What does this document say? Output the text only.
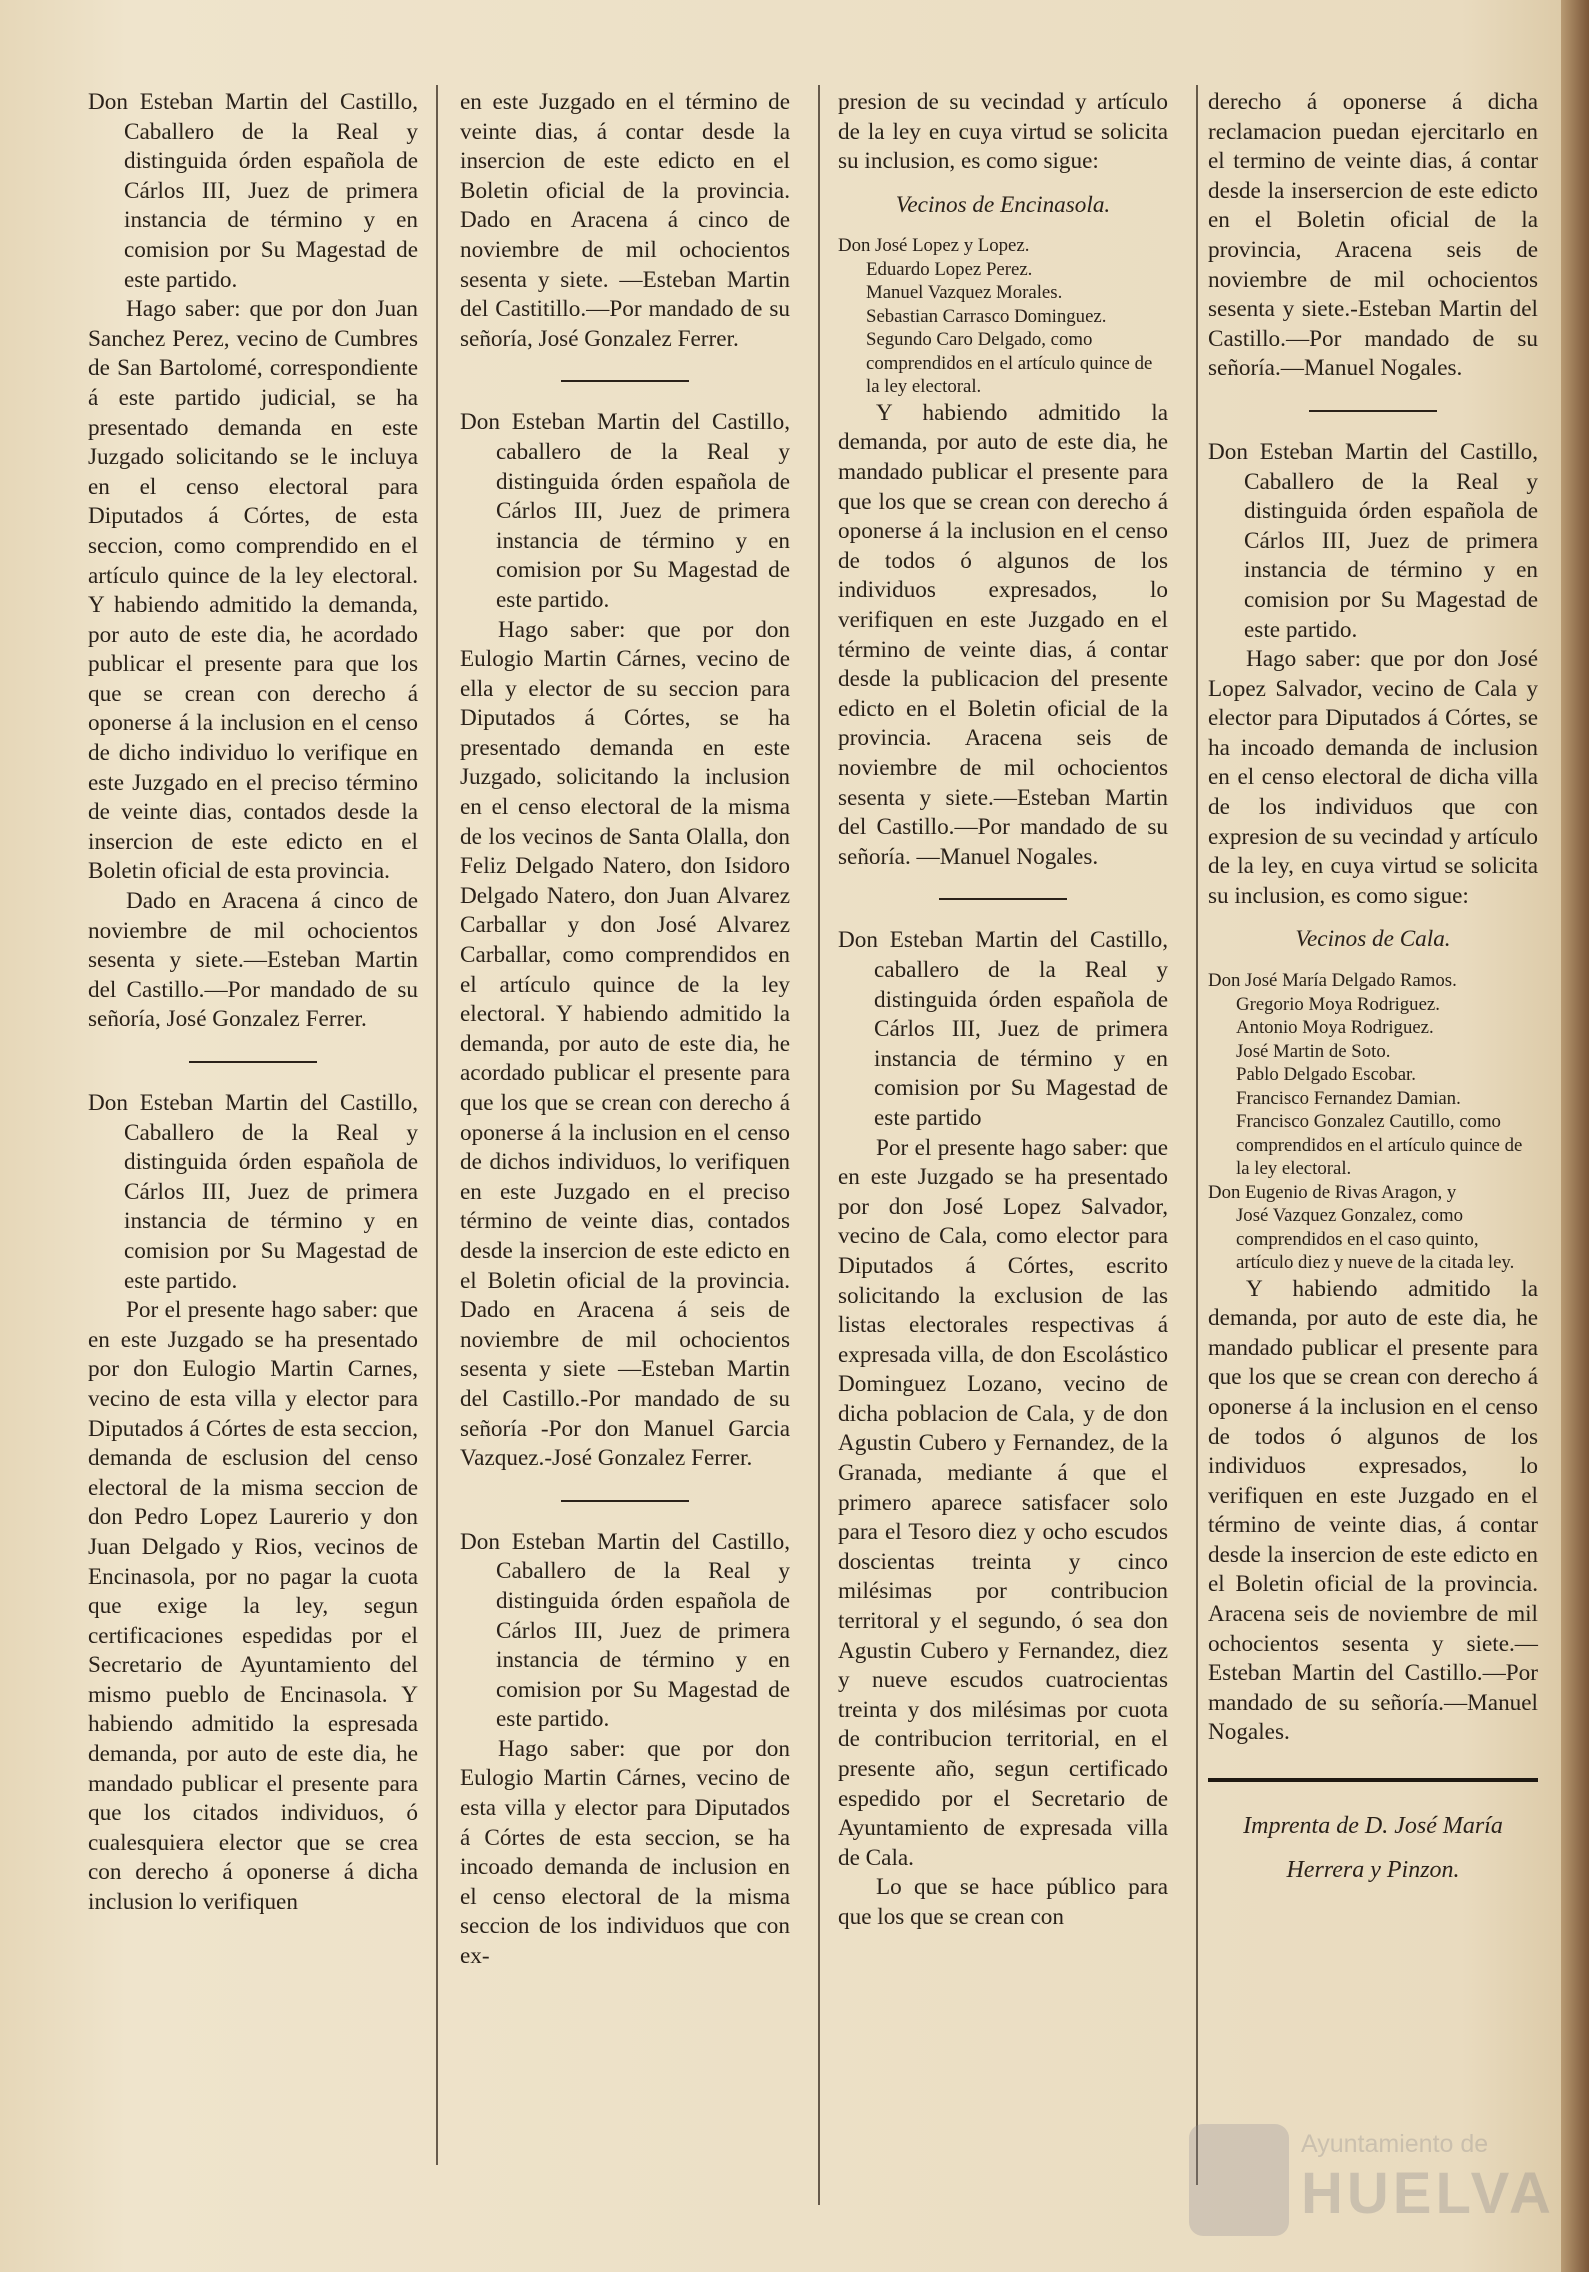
Don Esteban Martin del Castillo, Caballero de la Real y distinguida órden española de Cárlos III, Juez de primera instancia de término y en comision por Su Magestad de este partido.

Hago saber: que por don Juan Sanchez Perez, vecino de Cumbres de San Bartolomé, correspondiente á este partido judicial, se ha presentado demanda en este Juzgado solicitando se le incluya en el censo electoral para Diputados á Córtes, de esta seccion, como comprendido en el artículo quince de la ley electoral. Y habiendo admitido la demanda, por auto de este dia, he acordado publicar el presente para que los que se crean con derecho á oponerse á la inclusion en el censo de dicho individuo lo verifique en este Juzgado en el preciso término de veinte dias, contados desde la insercion de este edicto en el Boletin oficial de esta provincia.

Dado en Aracena á cinco de noviembre de mil ochocientos sesenta y siete.—Esteban Martin del Castillo.—Por mandado de su señoría, José Gonzalez Ferrer.

Don Esteban Martin del Castillo, Caballero de la Real y distinguida órden española de Cárlos III, Juez de primera instancia de término y en comision por Su Magestad de este partido.

Por el presente hago saber: que en este Juzgado se ha presentado por don Eulogio Martin Carnes, vecino de esta villa y elector para Diputados á Córtes de esta seccion, demanda de esclusion del censo electoral de la misma seccion de don Pedro Lopez Laurerio y don Juan Delgado y Rios, vecinos de Encinasola, por no pagar la cuota que exige la ley, segun certificaciones espedidas por el Secretario de Ayuntamiento del mismo pueblo de Encinasola. Y habiendo admitido la espresada demanda, por auto de este dia, he mandado publicar el presente para que los citados individuos, ó cualesquiera elector que se crea con derecho á oponerse á dicha inclusion lo verifiquen

en este Juzgado en el término de veinte dias, á contar desde la insercion de este edicto en el Boletin oficial de la provincia. Dado en Aracena á cinco de noviembre de mil ochocientos sesenta y siete. —Esteban Martin del Castitillo.—Por mandado de su señoría, José Gonzalez Ferrer.

Don Esteban Martin del Castillo, caballero de la Real y distinguida órden española de Cárlos III, Juez de primera instancia de término y en comision por Su Magestad de este partido.

Hago saber: que por don Eulogio Martin Cárnes, vecino de ella y elector de su seccion para Diputados á Córtes, se ha presentado demanda en este Juzgado, solicitando la inclusion en el censo electoral de la misma de los vecinos de Santa Olalla, don Feliz Delgado Natero, don Isidoro Delgado Natero, don Juan Alvarez Carballar y don José Alvarez Carballar, como comprendidos en el artículo quince de la ley electoral. Y habiendo admitido la demanda, por auto de este dia, he acordado publicar el presente para que los que se crean con derecho á oponerse á la inclusion en el censo de dichos individuos, lo verifiquen en este Juzgado en el preciso término de veinte dias, contados desde la insercion de este edicto en el Boletin oficial de la provincia. Dado en Aracena á seis de noviembre de mil ochocientos sesenta y siete —Esteban Martin del Castillo.-Por mandado de su señoría -Por don Manuel Garcia Vazquez.-José Gonzalez Ferrer.

Don Esteban Martin del Castillo, Caballero de la Real y distinguida órden española de Cárlos III, Juez de primera instancia de término y en comision por Su Magestad de este partido.

Hago saber: que por don Eulogio Martin Cárnes, vecino de esta villa y elector para Diputados á Córtes de esta seccion, se ha incoado demanda de inclusion en el censo electoral de la misma seccion de los individuos que con ex-

presion de su vecindad y artículo de la ley en cuya virtud se solicita su inclusion, es como sigue:

Vecinos de Encinasola.

Don José Lopez y Lopez.

Eduardo Lopez Perez.

Manuel Vazquez Morales.

Sebastian Carrasco Dominguez.

Segundo Caro Delgado, como comprendidos en el artículo quince de la ley electoral.

Y habiendo admitido la demanda, por auto de este dia, he mandado publicar el presente para que los que se crean con derecho á oponerse á la inclusion en el censo de todos ó algunos de los individuos expresados, lo verifiquen en este Juzgado en el término de veinte dias, á contar desde la publicacion del presente edicto en el Boletin oficial de la provincia. Aracena seis de noviembre de mil ochocientos sesenta y siete.—Esteban Martin del Castillo.—Por mandado de su señoría. —Manuel Nogales.

Don Esteban Martin del Castillo, caballero de la Real y distinguida órden española de Cárlos III, Juez de primera instancia de término y en comision por Su Magestad de este partido

Por el presente hago saber: que en este Juzgado se ha presentado por don José Lopez Salvador, vecino de Cala, como elector para Diputados á Córtes, escrito solicitando la exclusion de las listas electorales respectivas á expresada villa, de don Escolástico Dominguez Lozano, vecino de dicha poblacion de Cala, y de don Agustin Cubero y Fernandez, de la Granada, mediante á que el primero aparece satisfacer solo para el Tesoro diez y ocho escudos doscientas treinta y cinco milésimas por contribucion territoral y el segundo, ó sea don Agustin Cubero y Fernandez, diez y nueve escudos cuatrocientas treinta y dos milésimas por cuota de contribucion territorial, en el presente año, segun certificado espedido por el Secretario de Ayuntamiento de expresada villa de Cala.

Lo que se hace público para que los que se crean con

derecho á oponerse á dicha reclamacion puedan ejercitarlo en el termino de veinte dias, á contar desde la insersercion de este edicto en el Boletin oficial de la provincia, Aracena seis de noviembre de mil ochocientos sesenta y siete.-Esteban Martin del Castillo.—Por mandado de su señoría.—Manuel Nogales.

Don Esteban Martin del Castillo, Caballero de la Real y distinguida órden española de Cárlos III, Juez de primera instancia de término y en comision por Su Magestad de este partido.

Hago saber: que por don José Lopez Salvador, vecino de Cala y elector para Diputados á Córtes, se ha incoado demanda de inclusion en el censo electoral de dicha villa de los individuos que con expresion de su vecindad y artículo de la ley, en cuya virtud se solicita su inclusion, es como sigue:

Vecinos de Cala.

Don José María Delgado Ramos.

Gregorio Moya Rodriguez.

Antonio Moya Rodriguez.

José Martin de Soto.

Pablo Delgado Escobar.

Francisco Fernandez Damian.

Francisco Gonzalez Cautillo, como comprendidos en el artículo quince de la ley electoral.

Don Eugenio de Rivas Aragon, y

José Vazquez Gonzalez, como comprendidos en el caso quinto, artículo diez y nueve de la citada ley.

Y habiendo admitido la demanda, por auto de este dia, he mandado publicar el presente para que los que se crean con derecho á oponerse á la inclusion en el censo de todos ó algunos de los individuos expresados, lo verifiquen en este Juzgado en el término de veinte dias, á contar desde la insercion de este edicto en el Boletin oficial de la provincia. Aracena seis de noviembre de mil ochocientos sesenta y siete.—Esteban Martin del Castillo.—Por mandado de su señoría.—Manuel Nogales.

Imprenta de D. José María
Herrera y Pinzon.
Ayuntamiento de
HUELVA
